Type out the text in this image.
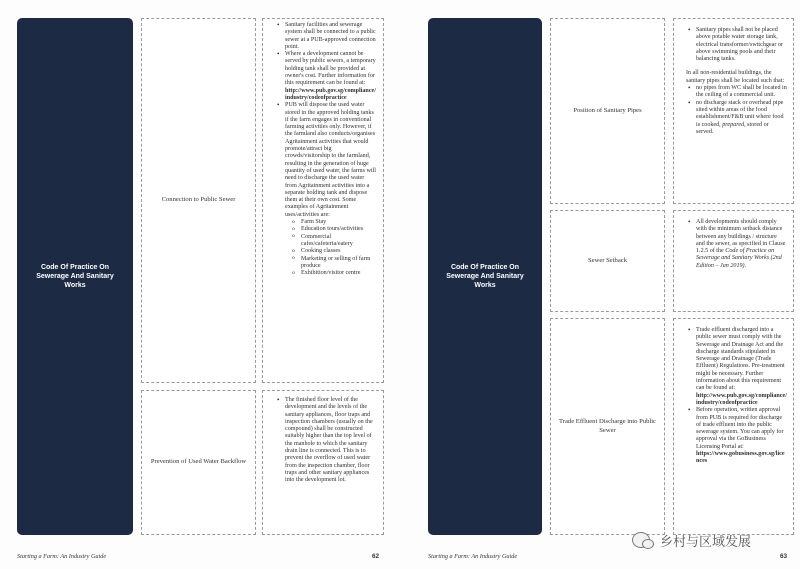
Code Of Practice On Sewerage And Sanitary Works
Connection to Public Sewer
• Sanitary facilities and sewerage system shall be connected to a public sewer at a PUB-approved connection point.
• Where a development cannot be served by public sewers, a temporary holding tank shall be provided at owner's cost. Further information for this requirement can be found at:
http://www.pub.gov.sg/compliance/industry/codeofpractice
• PUB will dispose the used water stored in the approved holding tanks if the farm engages in conventional farming activities only. However, if the farmland also conducts/organises Agritainment activities that would promote/attract big crowds/visitorship to the farmland, resulting in the generation of huge quantity of used water, the farms will need to discharge the used water from Agritainment activities into a separate holding tank and dispose them at their own cost. Some examples of Agritainment uses/activities are:
o Farm Stay
o Education tours/activities
o Commercial cafes/cafeteria/eatery
o Cooking classes
o Marketing or selling of farm produce
o Exhibition/visitor centre
Prevention of Used Water Backflow
• The finished floor level of the development and the levels of the sanitary appliances, floor traps and inspection chambers (usually on the compound) shall be constructed suitably higher than the top level of the manhole to which the sanitary drain line is connected. This is to prevent the overflow of used water from the inspection chamber, floor traps and other sanitary appliances into the development lot.
Starting a Farm: An Industry Guide	62
Code Of Practice On Sewerage And Sanitary Works
Position of Sanitary Pipes
• Sanitary pipes shall not be placed above potable water storage tank, electrical transformer/switchgear or above swimming pools and their balancing tanks.

In all non-residential buildings, the sanitary pipes shall be located such that:

• no pipes from WC shall be located in the ceiling of a commercial unit.
• no discharge stack or overhead pipe sited within areas of the food establishment/F&B unit where food is cooked, prepared, stored or served.
Sewer Setback
• All developments should comply with the minimum setback distance between any buildings / structure and the sewer, as specified in Clause 1.2.5 of the Code of Practice on Sewerage and Sanitary Works (2nd Edition – Jan 2019).
Trade Effluent Discharge into Public Sewer
• Trade effluent discharged into a public sewer must comply with the Sewerage and Drainage Act and the discharge standards stipulated in Sewerage and Drainage (Trade Effluent) Regulations. Pre-treatment might be necessary. Further information about this requirement can be found at:
http://www.pub.gov.sg/compliance/industry/codeofpractice
• Before operation, written approval from PUB is required for discharge of trade effluent into the public sewerage system. You can apply for approval via the GoBusiness Licensing Portal at:
https://www.gobusiness.gov.sg/licences
Starting a Farm: An Industry Guide	63
乡村与区域发展
